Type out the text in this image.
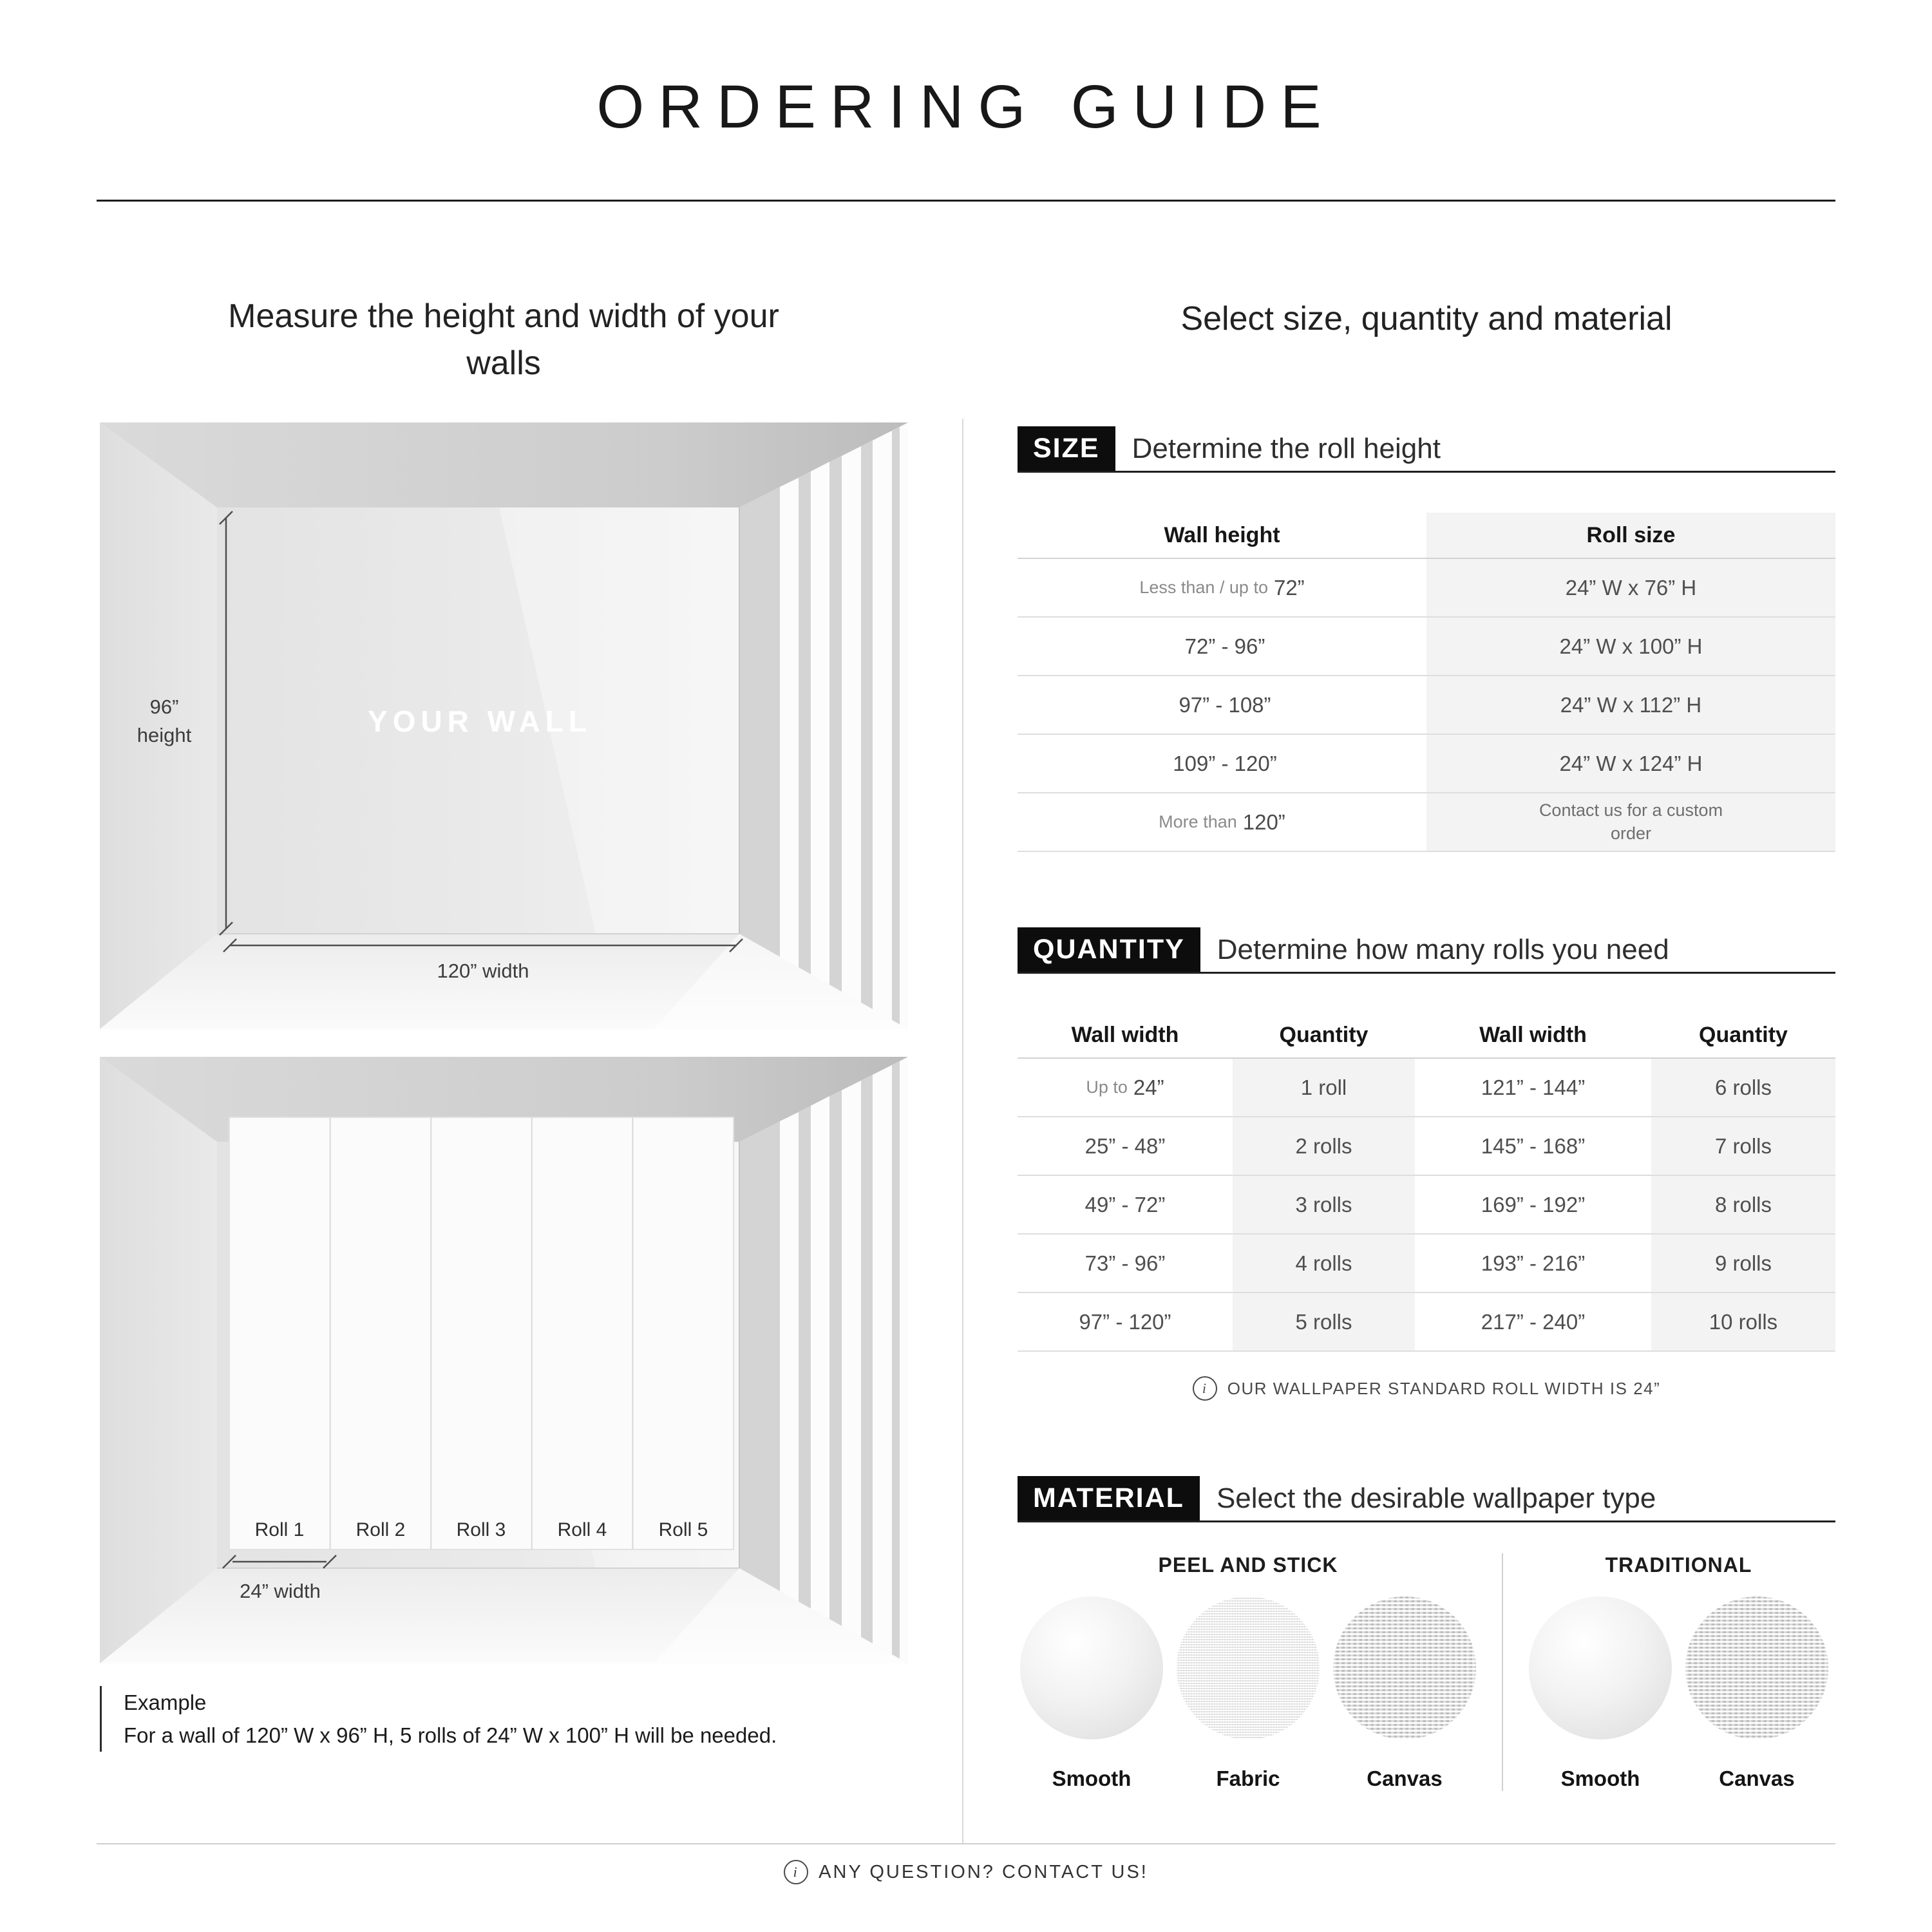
ORDERING GUIDE
Measure the height and width of your walls
Select size, quantity and material
96”
height
120” width
YOUR WALL
Roll 1	Roll 2	Roll 3	Roll 4	Roll 5
24” width
Example
For a wall of 120” W x 96” H, 5 rolls of 24” W x 100” H will be needed.
SIZE	Determine the roll height
Wall height	Roll size
Less than / up to 72”	24” W x 76” H
72” - 96”	24” W x 100” H
97” - 108”	24” W x 112” H
109” - 120”	24” W x 124” H
More than 120”	Contact us for a custom order
QUANTITY	Determine how many rolls you need
Wall width	Quantity	Wall width	Quantity
Up to 24”	1 roll	121” - 144”	6 rolls
25” - 48”	2 rolls	145” - 168”	7 rolls
49” - 72”	3 rolls	169” - 192”	8 rolls
73” - 96”	4 rolls	193” - 216”	9 rolls
97” - 120”	5 rolls	217” - 240”	10 rolls
i	OUR WALLPAPER STANDARD ROLL WIDTH IS 24”
MATERIAL	Select the desirable wallpaper type
PEEL AND STICK
Smooth	Fabric	Canvas
TRADITIONAL
Smooth	Canvas
i	ANY QUESTION? CONTACT US!
